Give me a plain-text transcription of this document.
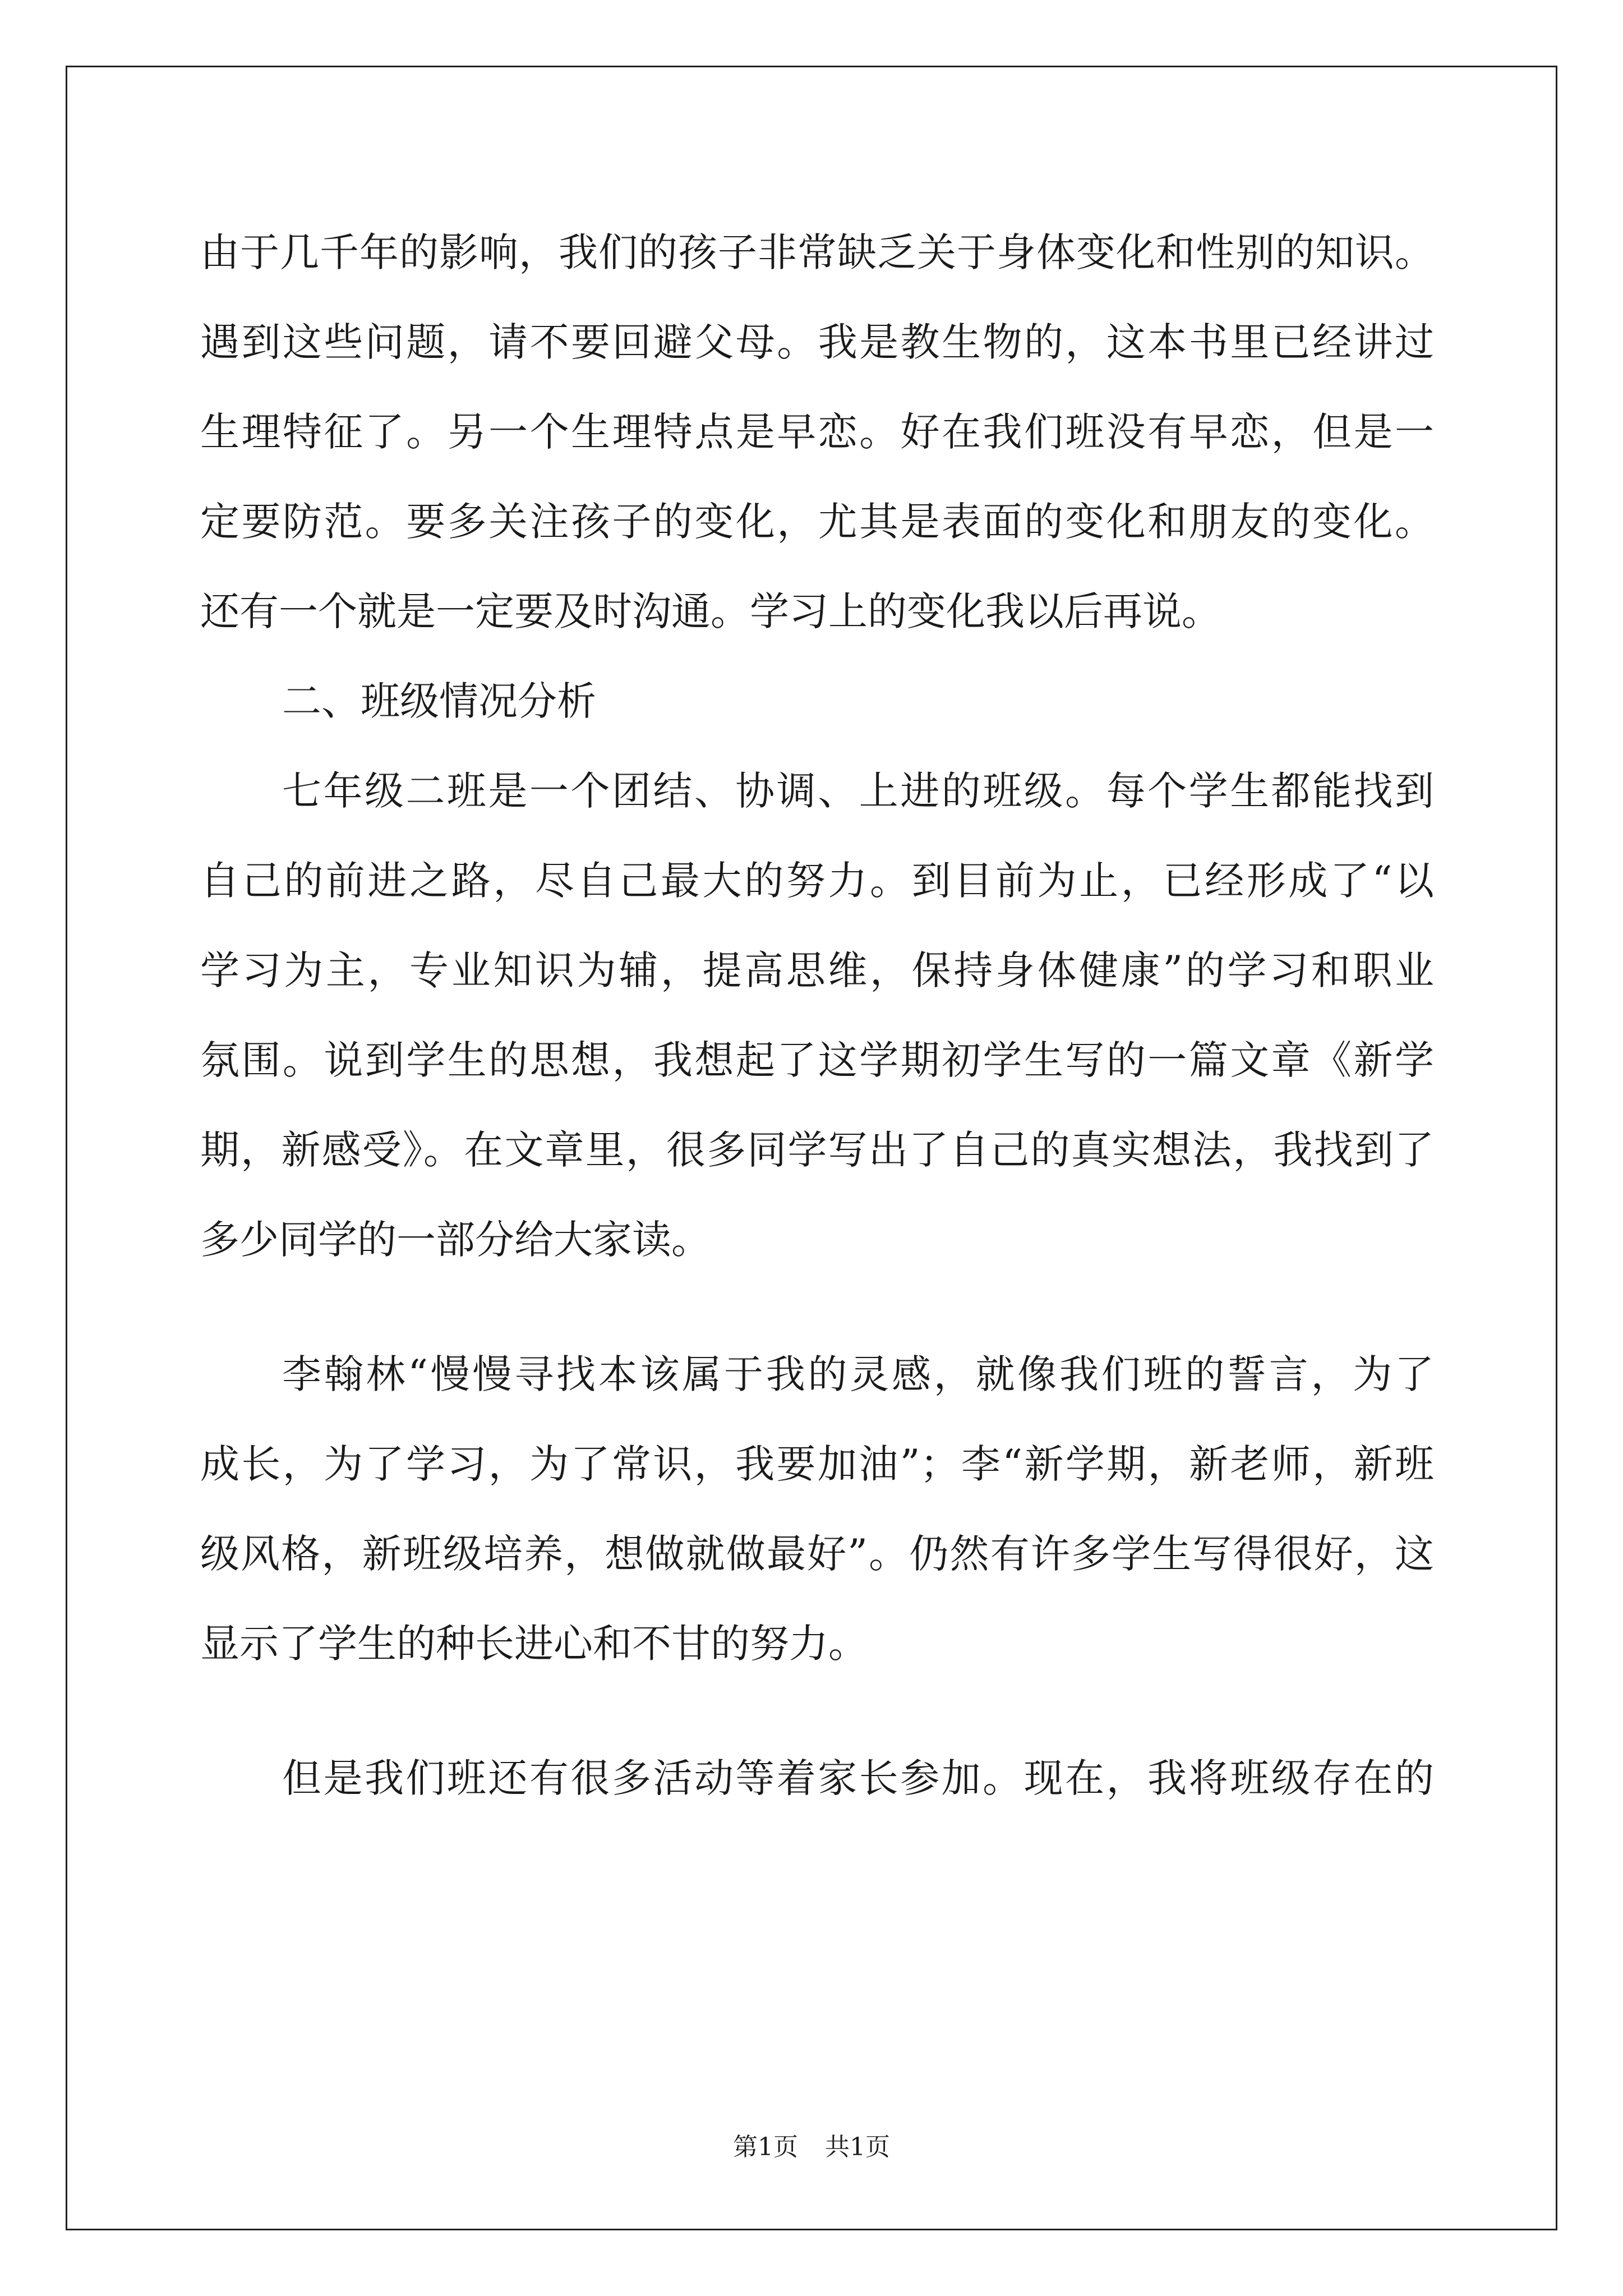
由于几千年的影响，我们的孩子非常缺乏关于身体变化和性别的知识。
遇到这些问题，请不要回避父母。我是教生物的，这本书里已经讲过
生理特征了。另一个生理特点是早恋。好在我们班没有早恋，但是一
定要防范。要多关注孩子的变化，尤其是表面的变化和朋友的变化。
还有一个就是一定要及时沟通。学习上的变化我以后再说。
二、班级情况分析
七年级二班是一个团结、协调、上进的班级。每个学生都能找到
自己的前进之路，尽自己最大的努力。到目前为止，已经形成了“以
学习为主，专业知识为辅，提高思维，保持身体健康”的学习和职业
氛围。说到学生的思想，我想起了这学期初学生写的一篇文章《新学
期，新感受》。在文章里，很多同学写出了自己的真实想法，我找到了
多少同学的一部分给大家读。
李翰林“慢慢寻找本该属于我的灵感，就像我们班的誓言，为了
成长，为了学习，为了常识，我要加油”；李“新学期，新老师，新班
级风格，新班级培养，想做就做最好”。仍然有许多学生写得很好，这
显示了学生的种长进心和不甘的努力。
但是我们班还有很多活动等着家长参加。现在，我将班级存在的
第1页 共1页
